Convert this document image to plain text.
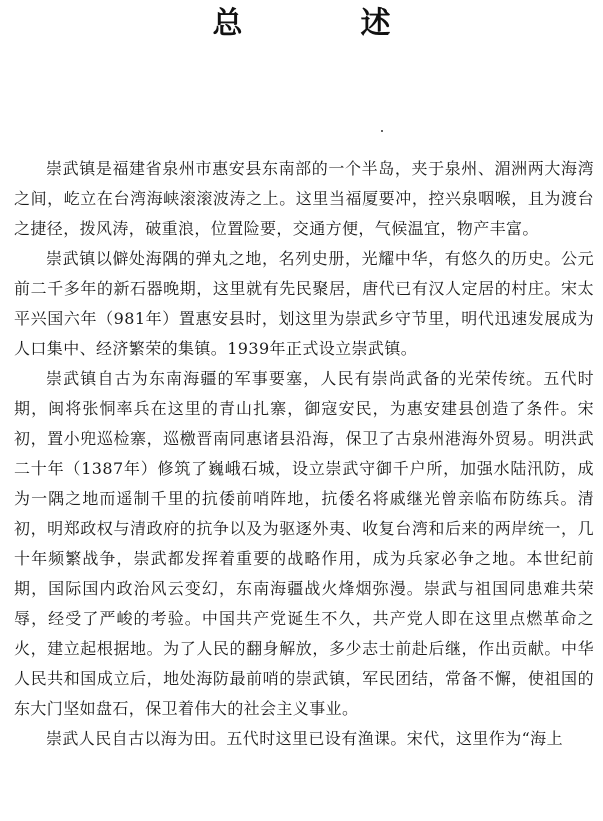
总　述

崇武镇是福建省泉州市惠安县东南部的一个半岛，夹于泉州、湄洲两大海湾之间，屹立在台湾海峡滚滚波涛之上。这里当福厦要冲，控兴泉咽喉，且为渡台之捷径，拨风涛，破重浪，位置险要，交通方便，气候温宜，物产丰富。

崇武镇以僻处海隅的弹丸之地，名列史册，光耀中华，有悠久的历史。公元前二千多年的新石器晚期，这里就有先民聚居，唐代已有汉人定居的村庄。宋太平兴国六年（981年）置惠安县时，划这里为崇武乡守节里，明代迅速发展成为人口集中、经济繁荣的集镇。1939年正式设立崇武镇。

崇武镇自古为东南海疆的军事要塞，人民有崇尚武备的光荣传统。五代时期，闽将张恫率兵在这里的青山扎寨，御寇安民，为惠安建县创造了条件。宋初，置小兜巡检寨，巡檄晋南同惠诸县沿海，保卫了古泉州港海外贸易。明洪武二十年（1387年）修筑了巍峨石城，设立崇武守御千户所，加强水陆汛防，成为一隅之地而遥制千里的抗倭前哨阵地，抗倭名将戚继光曾亲临布防练兵。清初，明郑政权与清政府的抗争以及为驱逐外夷、收复台湾和后来的两岸统一，几十年频繁战争，崇武都发挥着重要的战略作用，成为兵家必争之地。本世纪前期，国际国内政治风云变幻，东南海疆战火烽烟弥漫。崇武与祖国同患难共荣辱，经受了严峻的考验。中国共产党诞生不久，共产党人即在这里点燃革命之火，建立起根据地。为了人民的翻身解放，多少志士前赴后继，作出贡献。中华人民共和国成立后，地处海防最前哨的崇武镇，军民团结，常备不懈，使祖国的东大门坚如盘石，保卫着伟大的社会主义事业。

崇武人民自古以海为田。五代时这里已设有渔课。宋代，这里作为“海上
